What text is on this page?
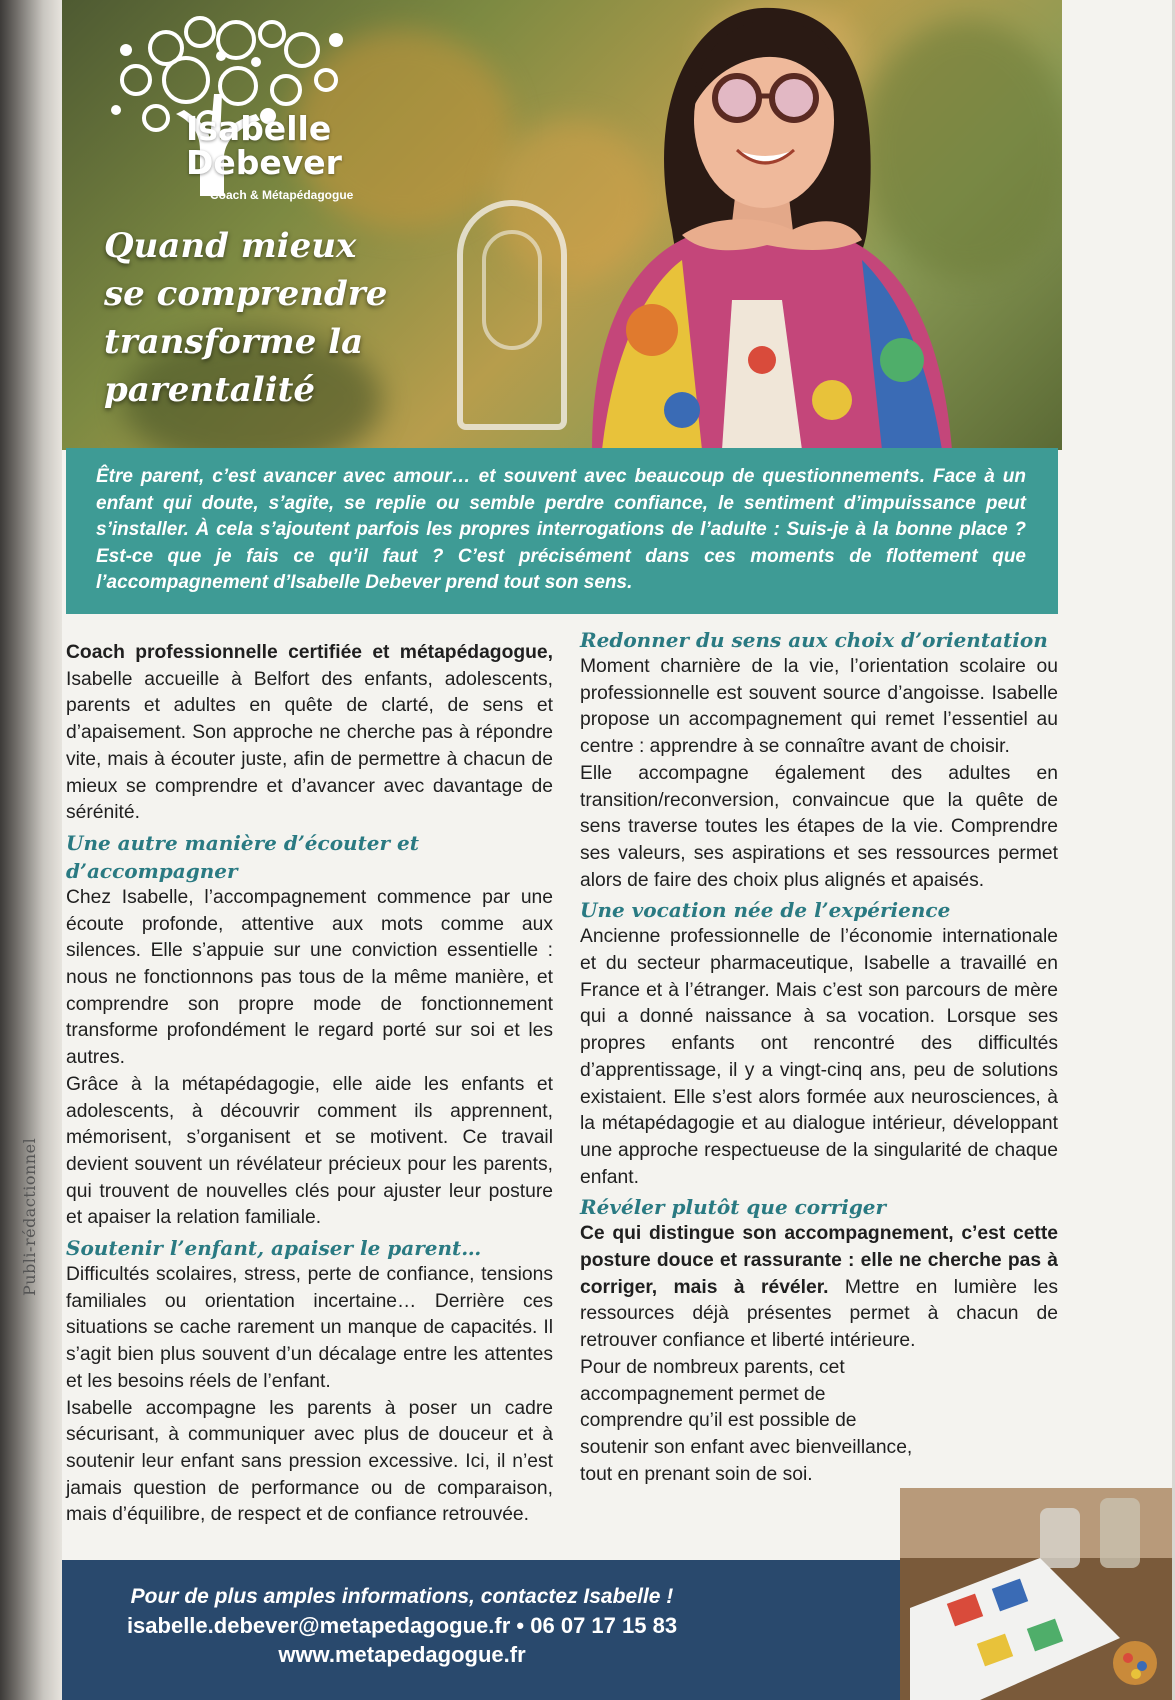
Publi-rédactionnel
Isabelle
Debever
Coach & Métapédagogue
Quand mieux
se comprendre
transforme la
parentalité

Être parent, c’est avancer avec amour… et souvent avec beaucoup de questionnements. Face à un enfant qui doute, s’agite, se replie ou semble perdre confiance, le sentiment d’impuissance peut s’installer. À cela s’ajoutent parfois les propres interrogations de l’adulte : Suis-je à la bonne place ? Est-ce que je fais ce qu’il faut ? C’est précisément dans ces moments de flottement que l’accompagnement d’Isabelle Debever prend tout son sens.

Coach professionnelle certifiée et métapédagogue, Isabelle accueille à Belfort des enfants, adolescents, parents et adultes en quête de clarté, de sens et d’apaisement. Son approche ne cherche pas à répondre vite, mais à écouter juste, afin de permettre à chacun de mieux se comprendre et d’avancer avec davantage de sérénité.

Une autre manière d’écouter et d’accompagner

Chez Isabelle, l’accompagnement commence par une écoute profonde, attentive aux mots comme aux silences. Elle s’appuie sur une conviction essentielle : nous ne fonctionnons pas tous de la même manière, et comprendre son propre mode de fonctionnement transforme profondément le regard porté sur soi et les autres.

Grâce à la métapédagogie, elle aide les enfants et adolescents, à découvrir comment ils apprennent, mémorisent, s’organisent et se motivent. Ce travail devient souvent un révélateur précieux pour les parents, qui trouvent de nouvelles clés pour ajuster leur posture et apaiser la relation familiale.

Soutenir l’enfant, apaiser le parent…

Difficultés scolaires, stress, perte de confiance, tensions familiales ou orientation incertaine… Derrière ces situations se cache rarement un manque de capacités. Il s’agit bien plus souvent d’un décalage entre les attentes et les besoins réels de l’enfant.

Isabelle accompagne les parents à poser un cadre sécurisant, à communiquer avec plus de douceur et à soutenir leur enfant sans pression excessive. Ici, il n’est jamais question de performance ou de comparaison, mais d’équilibre, de respect et de confiance retrouvée.

Redonner du sens aux choix d’orientation

Moment charnière de la vie, l’orientation scolaire ou professionnelle est souvent source d’angoisse. Isabelle propose un accompagnement qui remet l’essentiel au centre : apprendre à se connaître avant de choisir.

Elle accompagne également des adultes en transition/reconversion, convaincue que la quête de sens traverse toutes les étapes de la vie. Comprendre ses valeurs, ses aspirations et ses ressources permet alors de faire des choix plus alignés et apaisés.

Une vocation née de l’expérience

Ancienne professionnelle de l’économie internationale et du secteur pharmaceutique, Isabelle a travaillé en France et à l’étranger. Mais c’est son parcours de mère qui a donné naissance à sa vocation. Lorsque ses propres enfants ont rencontré des difficultés d’apprentissage, il y a vingt-cinq ans, peu de solutions existaient. Elle s’est alors formée aux neurosciences, à la métapédagogie et au dialogue intérieur, développant une approche respectueuse de la singularité de chaque enfant.

Révéler plutôt que corriger

Ce qui distingue son accompagnement, c’est cette posture douce et rassurante : elle ne cherche pas à corriger, mais à révéler. Mettre en lumière les ressources déjà présentes permet à chacun de retrouver confiance et liberté intérieure.

Pour de nombreux parents, cet accompagnement permet de comprendre qu’il est possible de soutenir son enfant avec bienveillance, tout en prenant soin de soi.

Pour de plus amples informations, contactez Isabelle !
isabelle.debever@metapedagogue.fr • 06 07 17 15 83
www.metapedagogue.fr
